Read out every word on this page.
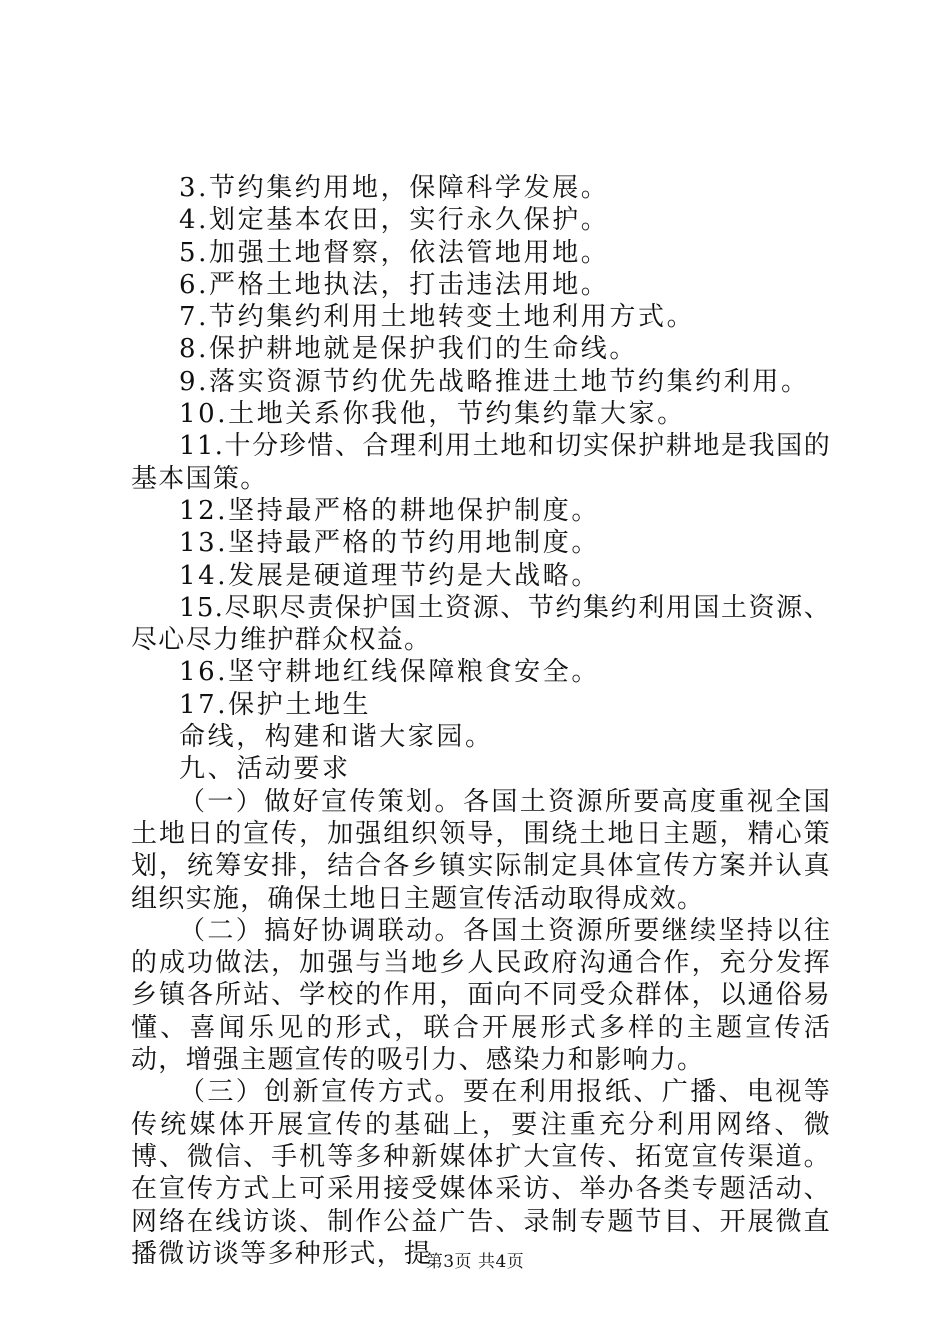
3.节约集约用地，保障科学发展。

4.划定基本农田，实行永久保护。

5.加强土地督察，依法管地用地。

6.严格土地执法，打击违法用地。

7.节约集约利用土地转变土地利用方式。

8.保护耕地就是保护我们的生命线。

9.落实资源节约优先战略推进土地节约集约利用。

10.土地关系你我他，节约集约靠大家。

11.十分珍惜、合理利用土地和切实保护耕地是我国的基本国策。

12.坚持最严格的耕地保护制度。

13.坚持最严格的节约用地制度。

14.发展是硬道理节约是大战略。

15.尽职尽责保护国土资源、节约集约利用国土资源、尽心尽力维护群众权益。

16.坚守耕地红线保障粮食安全。

17.保护土地生

命线，构建和谐大家园。

九、活动要求

（一）做好宣传策划。各国土资源所要高度重视全国土地日的宣传，加强组织领导，围绕土地日主题，精心策划，统筹安排，结合各乡镇实际制定具体宣传方案并认真组织实施，确保土地日主题宣传活动取得成效。

（二）搞好协调联动。各国土资源所要继续坚持以往的成功做法，加强与当地乡人民政府沟通合作，充分发挥乡镇各所站、学校的作用，面向不同受众群体，以通俗易懂、喜闻乐见的形式，联合开展形式多样的主题宣传活动，增强主题宣传的吸引力、感染力和影响力。

（三）创新宣传方式。要在利用报纸、广播、电视等传统媒体开展宣传的基础上，要注重充分利用网络、微博、微信、手机等多种新媒体扩大宣传、拓宽宣传渠道。在宣传方式上可采用接受媒体采访、举办各类专题活动、网络在线访谈、制作公益广告、录制专题节目、开展微直播微访谈等多种形式，提

第3页 共4页
